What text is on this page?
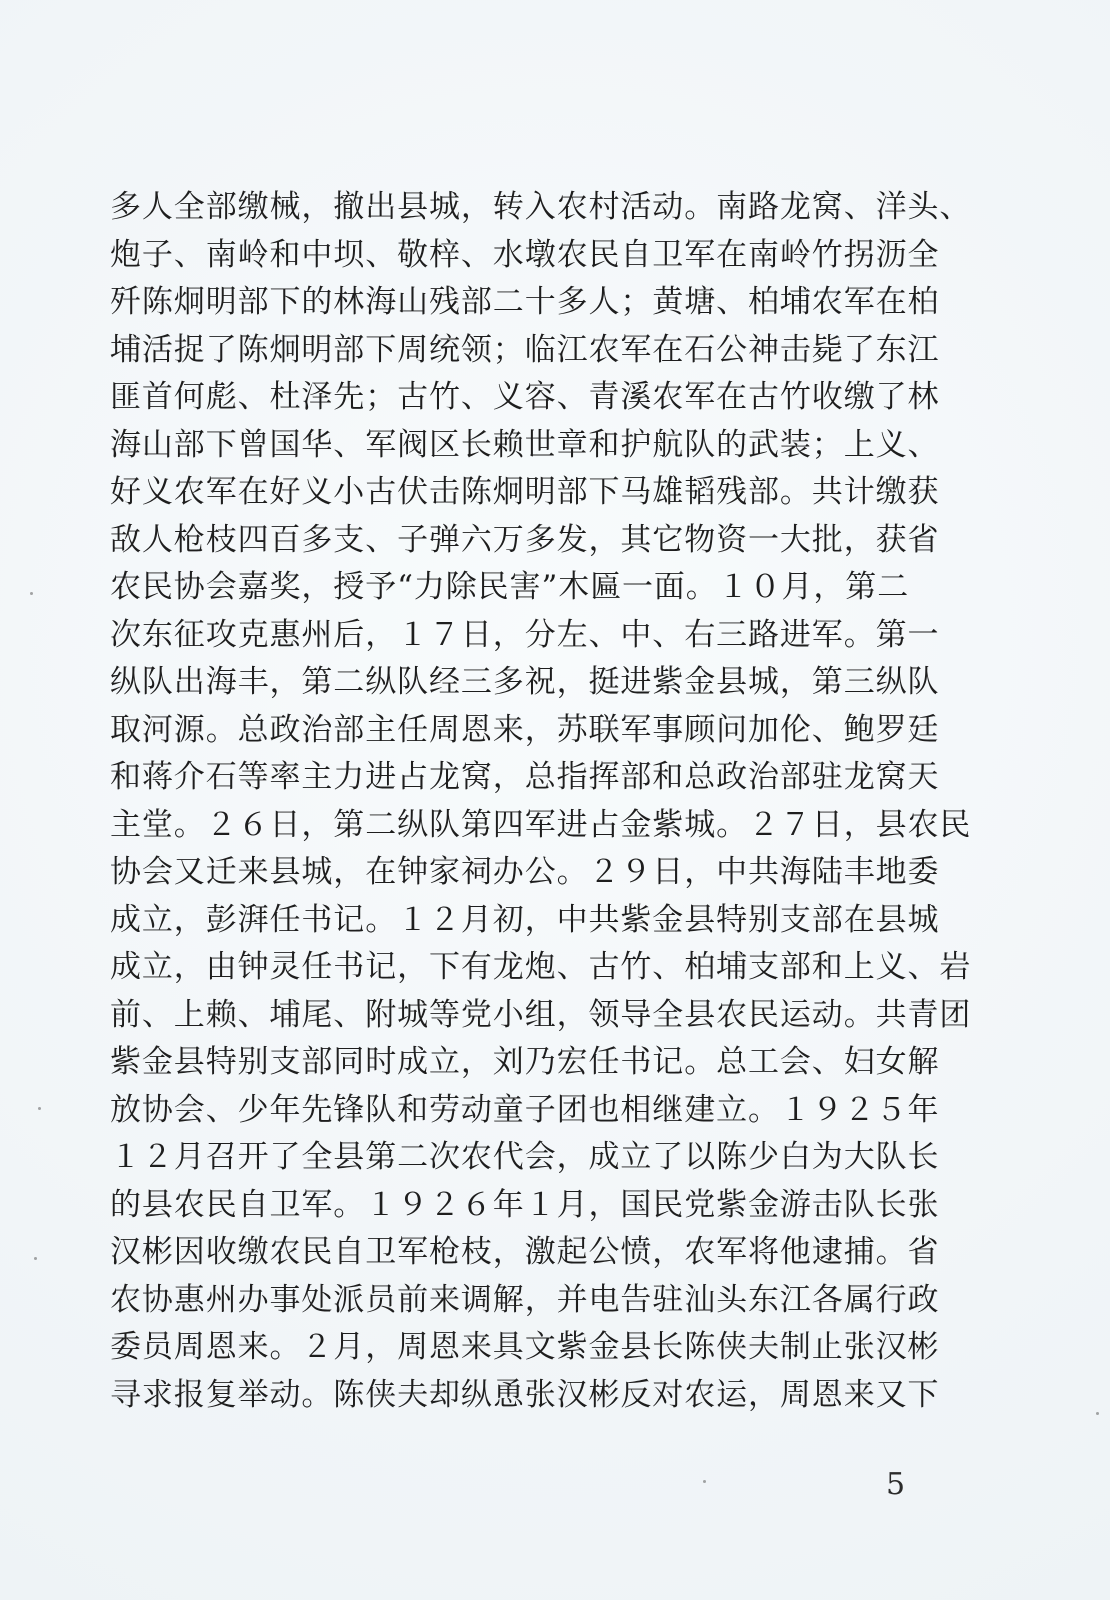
多人全部缴械，撤出县城，转入农村活动。南路龙窝、洋头、
炮子、南岭和中坝、敬梓、水墩农民自卫军在南岭竹拐沥全
歼陈炯明部下的林海山残部二十多人；黄塘、柏埔农军在柏
埔活捉了陈炯明部下周统领；临江农军在石公神击毙了东江
匪首何彪、杜泽先；古竹、义容、青溪农军在古竹收缴了林
海山部下曾国华、军阀区长赖世章和护航队的武装；上义、
好义农军在好义小古伏击陈炯明部下马雄韬残部。共计缴获
敌人枪枝四百多支、子弹六万多发，其它物资一大批，获省
农民协会嘉奖，授予“力除民害”木匾一面。１０月，第二
次东征攻克惠州后，１７日，分左、中、右三路进军。第一
纵队出海丰，第二纵队经三多祝，挺进紫金县城，第三纵队
取河源。总政治部主任周恩来，苏联军事顾问加伦、鲍罗廷
和蒋介石等率主力进占龙窝，总指挥部和总政治部驻龙窝天
主堂。２６日，第二纵队第四军进占金紫城。２７日，县农民
协会又迁来县城，在钟家祠办公。２９日，中共海陆丰地委
成立，彭湃任书记。１２月初，中共紫金县特别支部在县城
成立，由钟灵任书记，下有龙炮、古竹、柏埔支部和上义、岩
前、上赖、埔尾、附城等党小组，领导全县农民运动。共青团
紫金县特别支部同时成立，刘乃宏任书记。总工会、妇女解
放协会、少年先锋队和劳动童子团也相继建立。１９２５年
１２月召开了全县第二次农代会，成立了以陈少白为大队长
的县农民自卫军。１９２６年１月，国民党紫金游击队长张
汉彬因收缴农民自卫军枪枝，激起公愤，农军将他逮捕。省
农协惠州办事处派员前来调解，并电告驻汕头东江各属行政
委员周恩来。２月，周恩来具文紫金县长陈侠夫制止张汉彬
寻求报复举动。陈侠夫却纵恿张汉彬反对农运，周恩来又下
5
